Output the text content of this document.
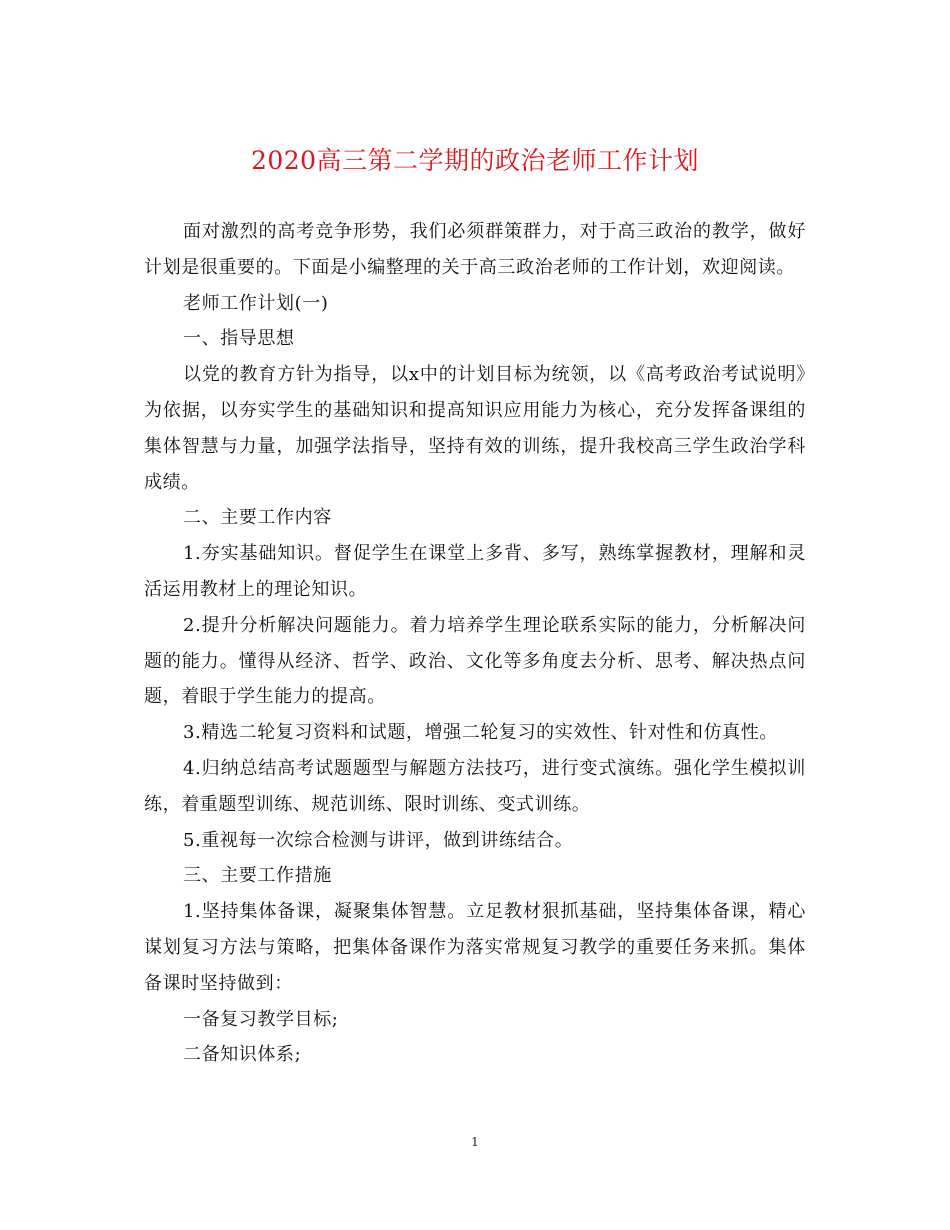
2020高三第二学期的政治老师工作计划

面对激烈的高考竞争形势，我们必须群策群力，对于高三政治的教学，做好计划是很重要的。下面是小编整理的关于高三政治老师的工作计划，欢迎阅读。

老师工作计划(一)

一、指导思想

以党的教育方针为指导，以x中的计划目标为统领，以《高考政治考试说明》为依据，以夯实学生的基础知识和提高知识应用能力为核心，充分发挥备课组的集体智慧与力量，加强学法指导，坚持有效的训练，提升我校高三学生政治学科成绩。

二、主要工作内容

1.夯实基础知识。督促学生在课堂上多背、多写，熟练掌握教材，理解和灵活运用教材上的理论知识。

2.提升分析解决问题能力。着力培养学生理论联系实际的能力，分析解决问题的能力。懂得从经济、哲学、政治、文化等多角度去分析、思考、解决热点问题，着眼于学生能力的提高。

3.精选二轮复习资料和试题，增强二轮复习的实效性、针对性和仿真性。

4.归纳总结高考试题题型与解题方法技巧，进行变式演练。强化学生模拟训练，着重题型训练、规范训练、限时训练、变式训练。

5.重视每一次综合检测与讲评，做到讲练结合。

三、主要工作措施

1.坚持集体备课，凝聚集体智慧。立足教材狠抓基础，坚持集体备课，精心谋划复习方法与策略，把集体备课作为落实常规复习教学的重要任务来抓。集体备课时坚持做到：

一备复习教学目标;

二备知识体系;

1
